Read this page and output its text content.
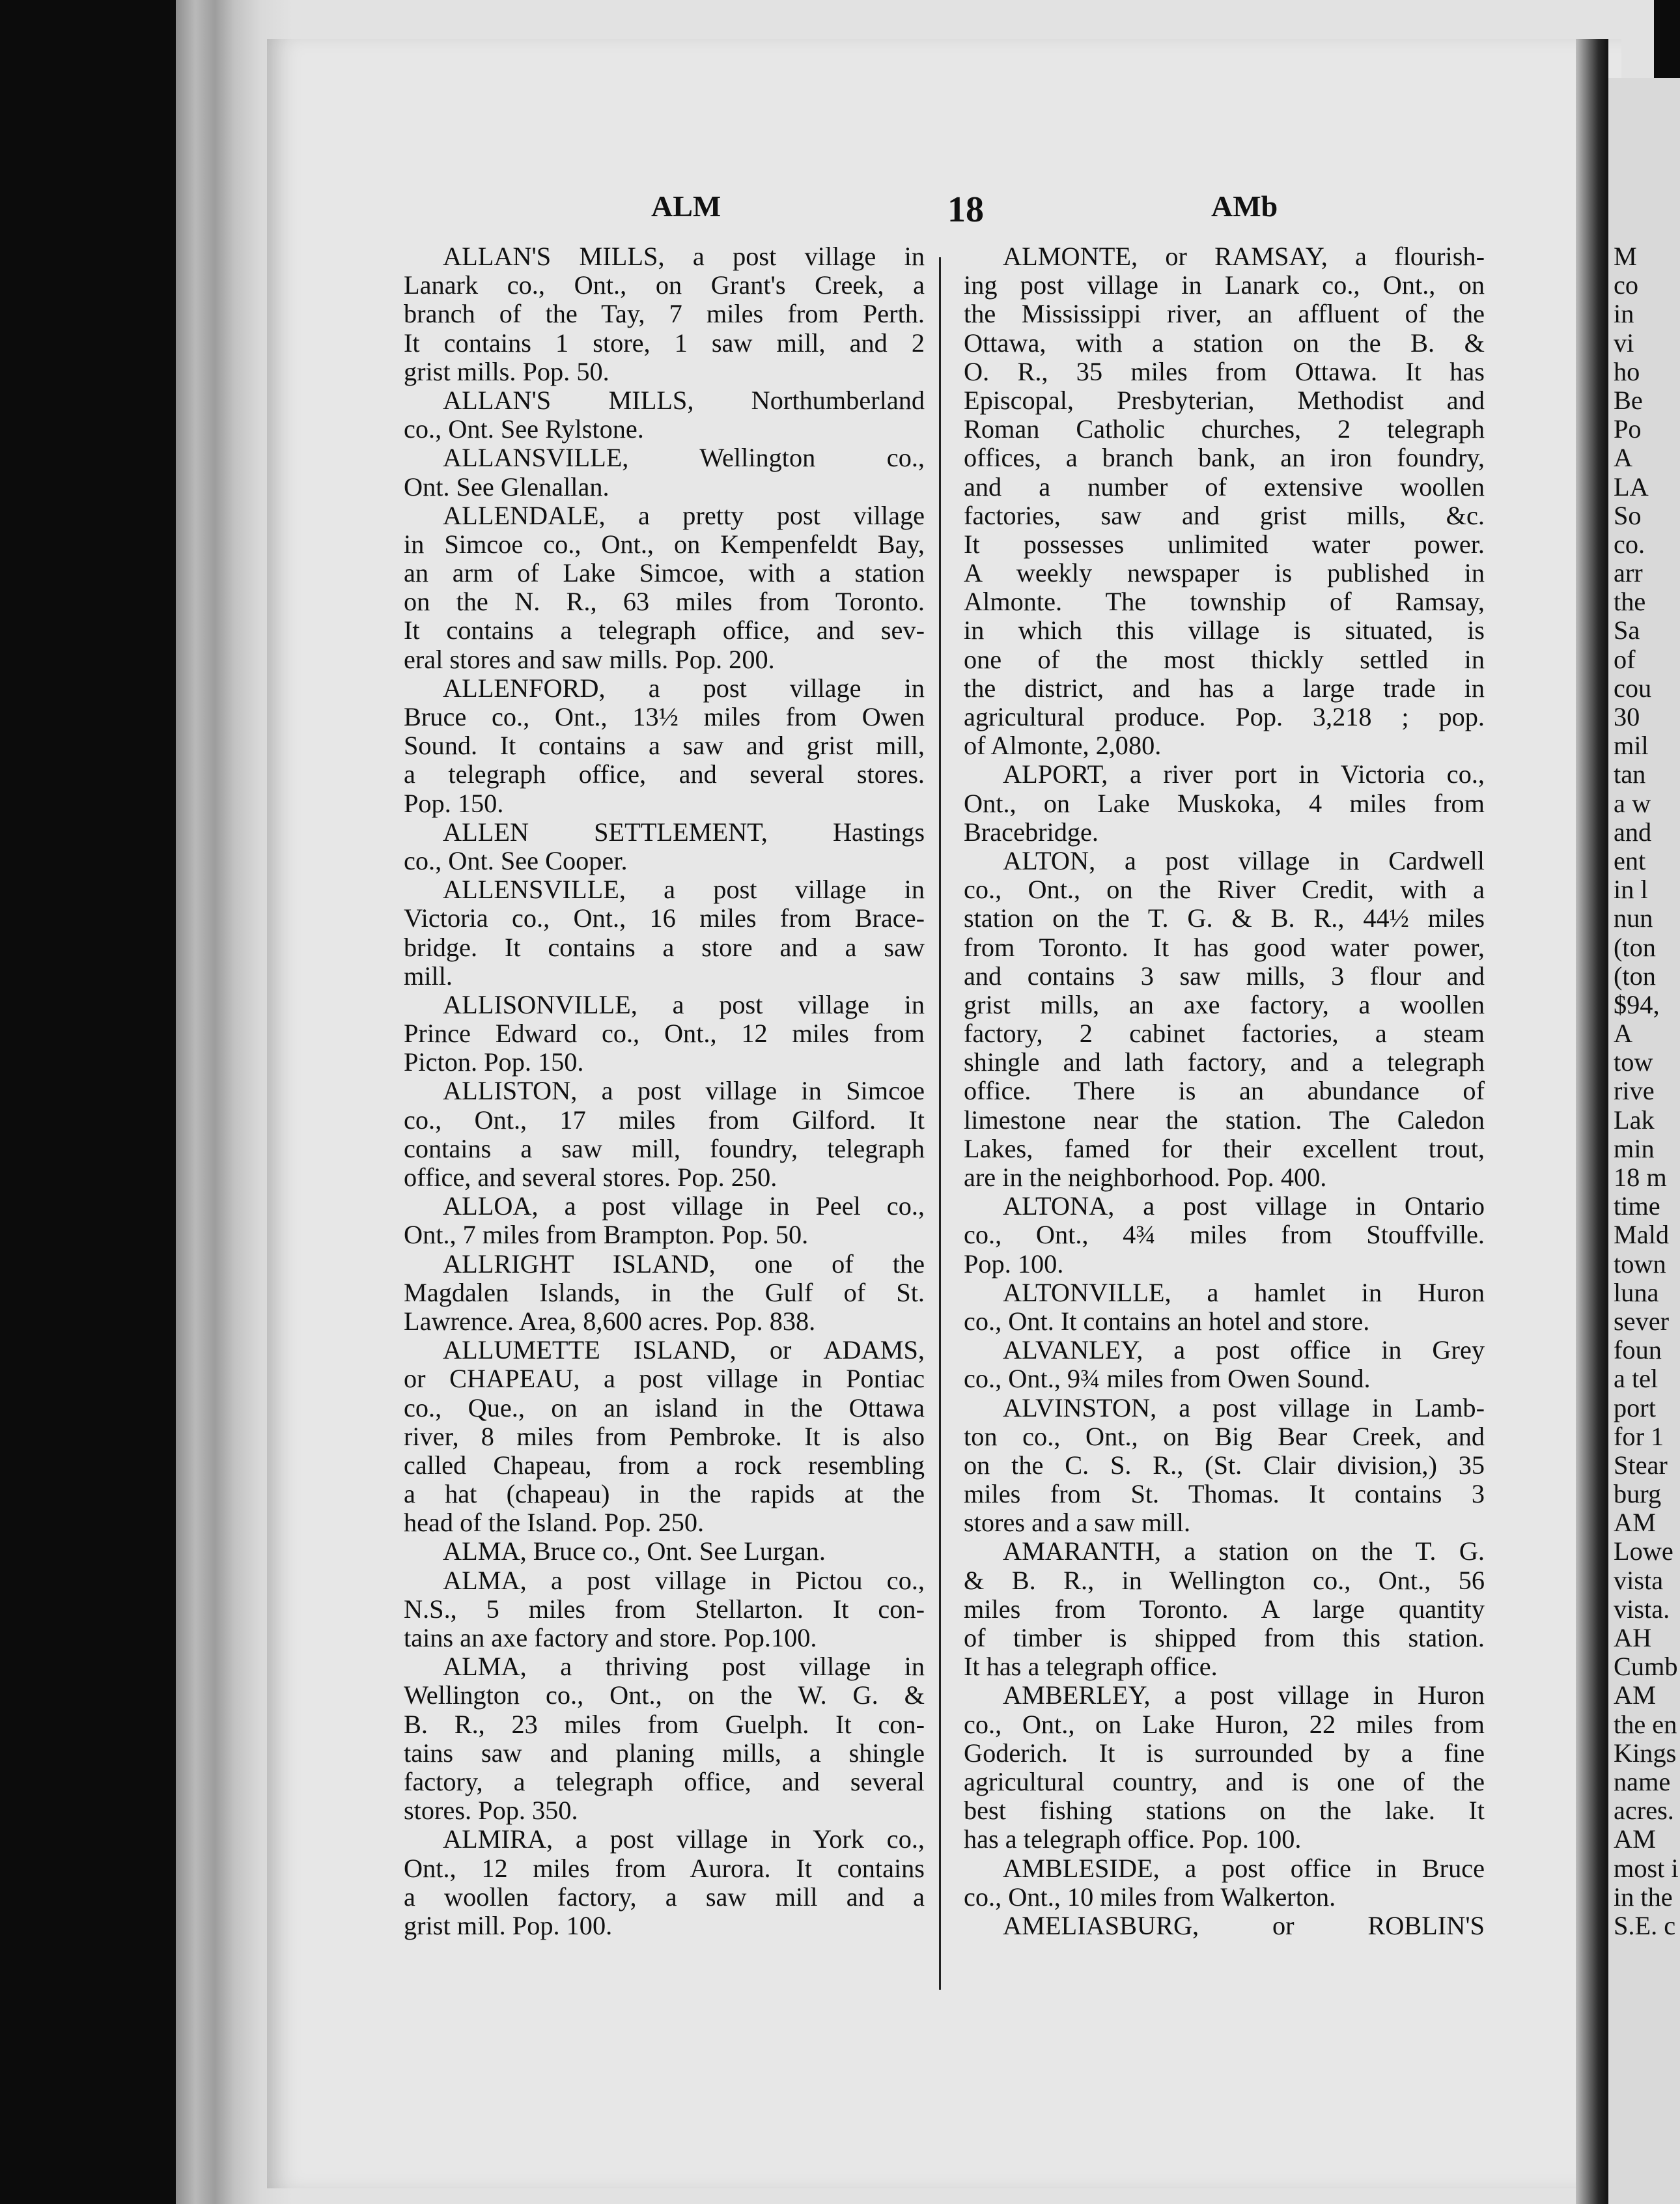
ALM	18	AMb
ALLAN'S MILLS, a post village in
Lanark co., Ont., on Grant's Creek, a
branch of the Tay, 7 miles from Perth.
It contains 1 store, 1 saw mill, and 2
grist mills. Pop. 50.
ALLAN'S MILLS, Northumberland
co., Ont. See Rylstone.
ALLANSVILLE, Wellington co.,
Ont. See Glenallan.
ALLENDALE, a pretty post village
in Simcoe co., Ont., on Kempenfeldt Bay,
an arm of Lake Simcoe, with a station
on the N. R., 63 miles from Toronto.
It contains a telegraph office, and sev-
eral stores and saw mills. Pop. 200.
ALLENFORD, a post village in
Bruce co., Ont., 13½ miles from Owen
Sound. It contains a saw and grist mill,
a telegraph office, and several stores.
Pop. 150.
ALLEN SETTLEMENT, Hastings
co., Ont. See Cooper.
ALLENSVILLE, a post village in
Victoria co., Ont., 16 miles from Brace-
bridge. It contains a store and a saw
mill.
ALLISONVILLE, a post village in
Prince Edward co., Ont., 12 miles from
Picton. Pop. 150.
ALLISTON, a post village in Simcoe
co., Ont., 17 miles from Gilford. It
contains a saw mill, foundry, telegraph
office, and several stores. Pop. 250.
ALLOA, a post village in Peel co.,
Ont., 7 miles from Brampton. Pop. 50.
ALLRIGHT ISLAND, one of the
Magdalen Islands, in the Gulf of St.
Lawrence. Area, 8,600 acres. Pop. 838.
ALLUMETTE ISLAND, or ADAMS,
or CHAPEAU, a post village in Pontiac
co., Que., on an island in the Ottawa
river, 8 miles from Pembroke. It is also
called Chapeau, from a rock resembling
a hat (chapeau) in the rapids at the
head of the Island. Pop. 250.
ALMA, Bruce co., Ont. See Lurgan.
ALMA, a post village in Pictou co.,
N.S., 5 miles from Stellarton. It con-
tains an axe factory and store. Pop.100.
ALMA, a thriving post village in
Wellington co., Ont., on the W. G. &
B. R., 23 miles from Guelph. It con-
tains saw and planing mills, a shingle
factory, a telegraph office, and several
stores. Pop. 350.
ALMIRA, a post village in York co.,
Ont., 12 miles from Aurora. It contains
a woollen factory, a saw mill and a
grist mill. Pop. 100.
ALMONTE, or RAMSAY, a flourish-
ing post village in Lanark co., Ont., on
the Mississippi river, an affluent of the
Ottawa, with a station on the B. &
O. R., 35 miles from Ottawa. It has
Episcopal, Presbyterian, Methodist and
Roman Catholic churches, 2 telegraph
offices, a branch bank, an iron foundry,
and a number of extensive woollen
factories, saw and grist mills, &c.
It possesses unlimited water power.
A weekly newspaper is published in
Almonte. The township of Ramsay,
in which this village is situated, is
one of the most thickly settled in
the district, and has a large trade in
agricultural produce. Pop. 3,218 ; pop.
of Almonte, 2,080.
ALPORT, a river port in Victoria co.,
Ont., on Lake Muskoka, 4 miles from
Bracebridge.
ALTON, a post village in Cardwell
co., Ont., on the River Credit, with a
station on the T. G. & B. R., 44½ miles
from Toronto. It has good water power,
and contains 3 saw mills, 3 flour and
grist mills, an axe factory, a woollen
factory, 2 cabinet factories, a steam
shingle and lath factory, and a telegraph
office. There is an abundance of
limestone near the station. The Caledon
Lakes, famed for their excellent trout,
are in the neighborhood. Pop. 400.
ALTONA, a post village in Ontario
co., Ont., 4¾ miles from Stouffville.
Pop. 100.
ALTONVILLE, a hamlet in Huron
co., Ont. It contains an hotel and store.
ALVANLEY, a post office in Grey
co., Ont., 9¾ miles from Owen Sound.
ALVINSTON, a post village in Lamb-
ton co., Ont., on Big Bear Creek, and
on the C. S. R., (St. Clair division,) 35
miles from St. Thomas. It contains 3
stores and a saw mill.
AMARANTH, a station on the T. G.
& B. R., in Wellington co., Ont., 56
miles from Toronto. A large quantity
of timber is shipped from this station.
It has a telegraph office.
AMBERLEY, a post village in Huron
co., Ont., on Lake Huron, 22 miles from
Goderich. It is surrounded by a fine
agricultural country, and is one of the
best fishing stations on the lake. It
has a telegraph office. Pop. 100.
AMBLESIDE, a post office in Bruce
co., Ont., 10 miles from Walkerton.
AMELIASBURG, or ROBLIN'S
M
co
in
vi
ho
Be
Po
A
LA
So
co.
arr
the
Sa
of
cou
30
mil
tan
a w
and
ent
in l
nun
(ton
(ton
$94,
A
tow
rive
Lak
min
18 m
time
Mald
town
luna
sever
foun
a tel
port
for 1
Stear
burg
AM
Lowe
vista
vista.
AH
Cumb
AM
the en
Kings
name
acres.
AM
most i
in the
S.E. c
